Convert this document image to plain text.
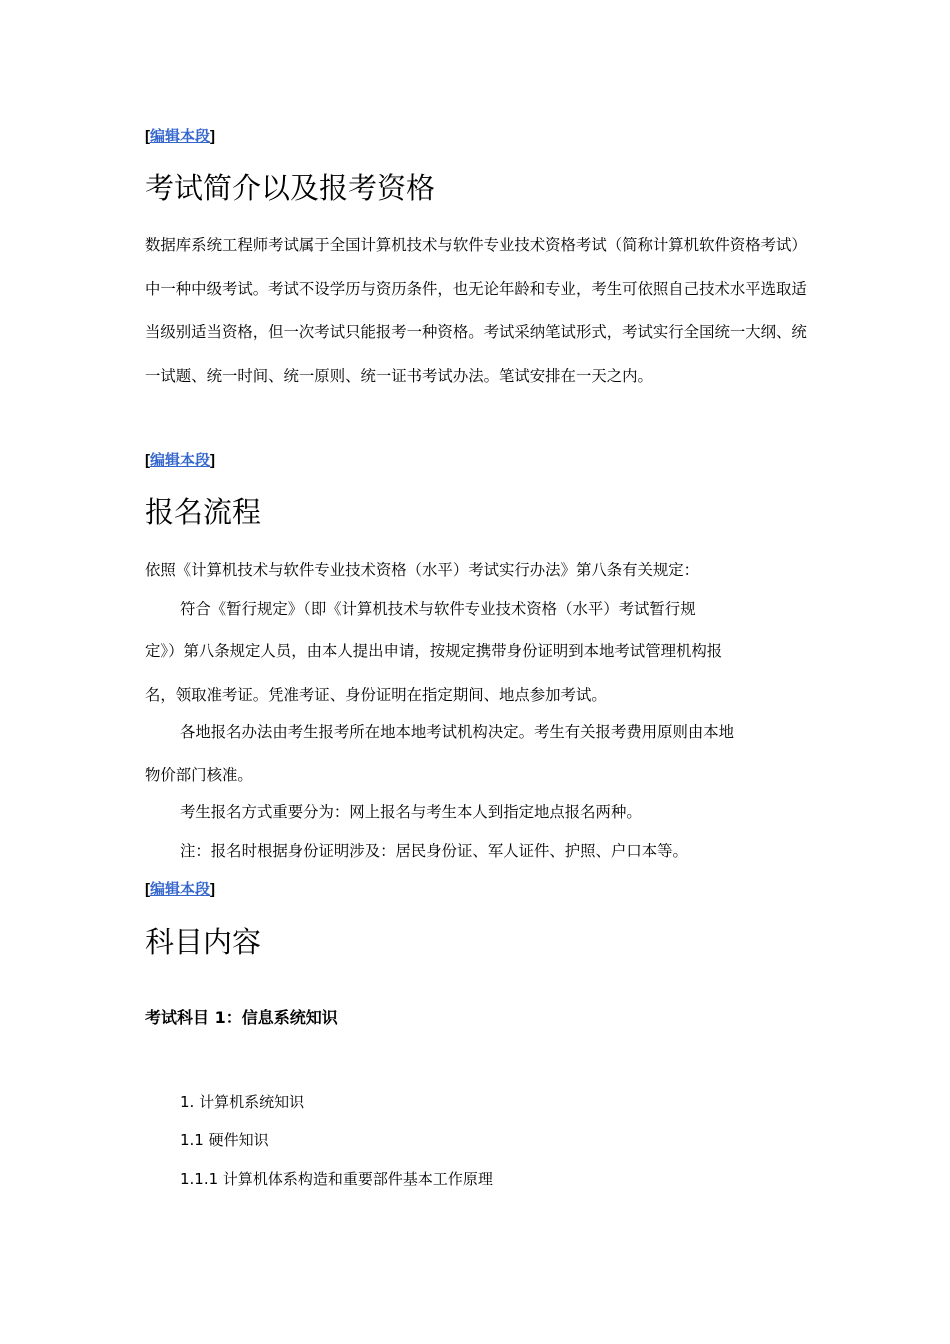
[编辑本段]
考试简介以及报考资格

数据库系统工程师考试属于全国计算机技术与软件专业技术资格考试（简称计算机软件资格考试）中一种中级考试。考试不设学历与资历条件，也无论年龄和专业，考生可依照自己技术水平选取适当级别适当资格，但一次考试只能报考一种资格。考试采纳笔试形式，考试实行全国统一大纲、统一试题、统一时间、统一原则、统一证书考试办法。笔试安排在一天之内。

[编辑本段]
报名流程

依照《计算机技术与软件专业技术资格（水平）考试实行办法》第八条有关规定：

符合《暂行规定》（即《计算机技术与软件专业技术资格（水平）考试暂行规

定》）第八条规定人员，由本人提出申请，按规定携带身份证明到本地考试管理机构报

名，领取准考证。凭准考证、身份证明在指定期间、地点参加考试。

各地报名办法由考生报考所在地本地考试机构决定。考生有关报考费用原则由本地

物价部门核准。

考生报名方式重要分为：网上报名与考生本人到指定地点报名两种。

注：报名时根据身份证明涉及：居民身份证、军人证件、护照、户口本等。

[编辑本段]
科目内容
考试科目 1：信息系统知识
1. 计算机系统知识
1.1 硬件知识
1.1.1 计算机体系构造和重要部件基本工作原理
